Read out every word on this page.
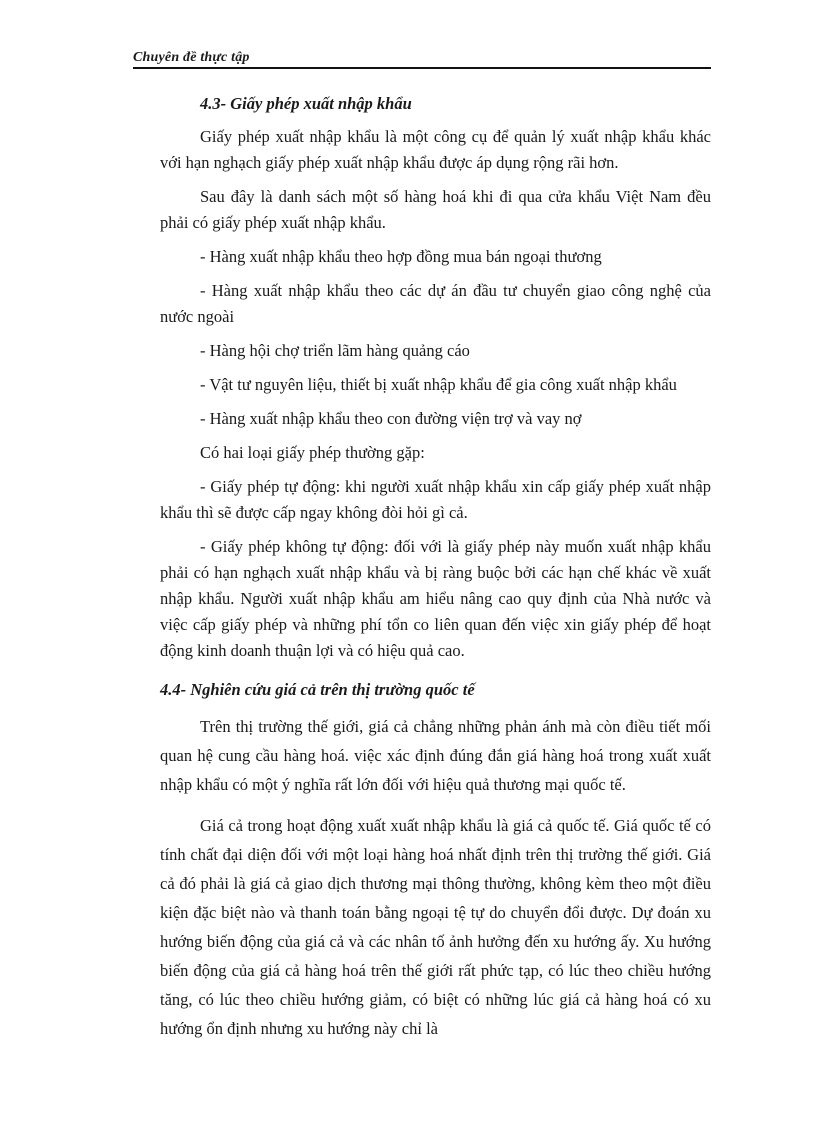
Chuyên đề thực tập
4.3- Giấy phép xuất nhập khẩu

Giấy phép xuất nhập khẩu là một công cụ để quản lý xuất nhập khẩu khác với hạn nghạch giấy phép xuất nhập khẩu được áp dụng rộng rãi hơn.

Sau đây là danh sách một số hàng hoá khi đi qua cửa khẩu Việt Nam đều phải có giấy phép xuất nhập khẩu.

- Hàng xuất nhập khẩu theo hợp đồng mua bán ngoại thương

- Hàng xuất nhập khẩu theo các dự án đầu tư chuyển giao công nghệ của nước ngoài

- Hàng hội chợ triển lãm hàng quảng cáo

- Vật tư nguyên liệu, thiết bị xuất nhập khẩu để gia công xuất nhập khẩu

- Hàng xuất nhập khẩu theo con đường viện trợ và vay nợ

Có hai loại giấy phép thường gặp:

- Giấy phép tự động: khi người xuất nhập khẩu xin cấp giấy phép xuất nhập khẩu thì sẽ được cấp ngay không đòi hỏi gì cả.

- Giấy phép không tự động: đối với là giấy phép này muốn xuất nhập khẩu phải có hạn nghạch xuất nhập khẩu và bị ràng buộc bởi các hạn chế khác về xuất nhập khẩu. Người xuất nhập khẩu am hiểu nâng cao quy định của Nhà nước và việc cấp giấy phép và những phí tổn co liên quan đến việc xin giấy phép để hoạt động kinh doanh thuận lợi và có hiệu quả cao.

4.4- Nghiên cứu giá cả trên thị trường quốc tế

Trên thị trường thế giới, giá cả chẳng những phản ánh mà còn điều tiết mối quan hệ cung cầu hàng hoá. việc xác định đúng đắn giá hàng hoá trong xuất xuất nhập khẩu có một ý nghĩa rất lớn đối với hiệu quả thương mại quốc tế.

Giá cả trong hoạt động xuất xuất nhập khẩu là giá cả quốc tế. Giá quốc tế có tính chất đại diện đối với một loại hàng hoá nhất định trên thị trường thế giới. Giá cả đó phải là giá cả giao dịch thương mại thông thường, không kèm theo một điều kiện đặc biệt nào và thanh toán bằng ngoại tệ tự do chuyển đổi được. Dự đoán xu hướng biến động của giá cả và các nhân tố ảnh hưởng đến xu hướng ấy. Xu hướng biến động của giá cả hàng hoá trên thế giới rất phức tạp, có lúc theo chiều hướng tăng, có lúc theo chiều hướng giảm, có biệt có những lúc giá cả hàng hoá có xu hướng ổn định nhưng xu hướng này chỉ là
